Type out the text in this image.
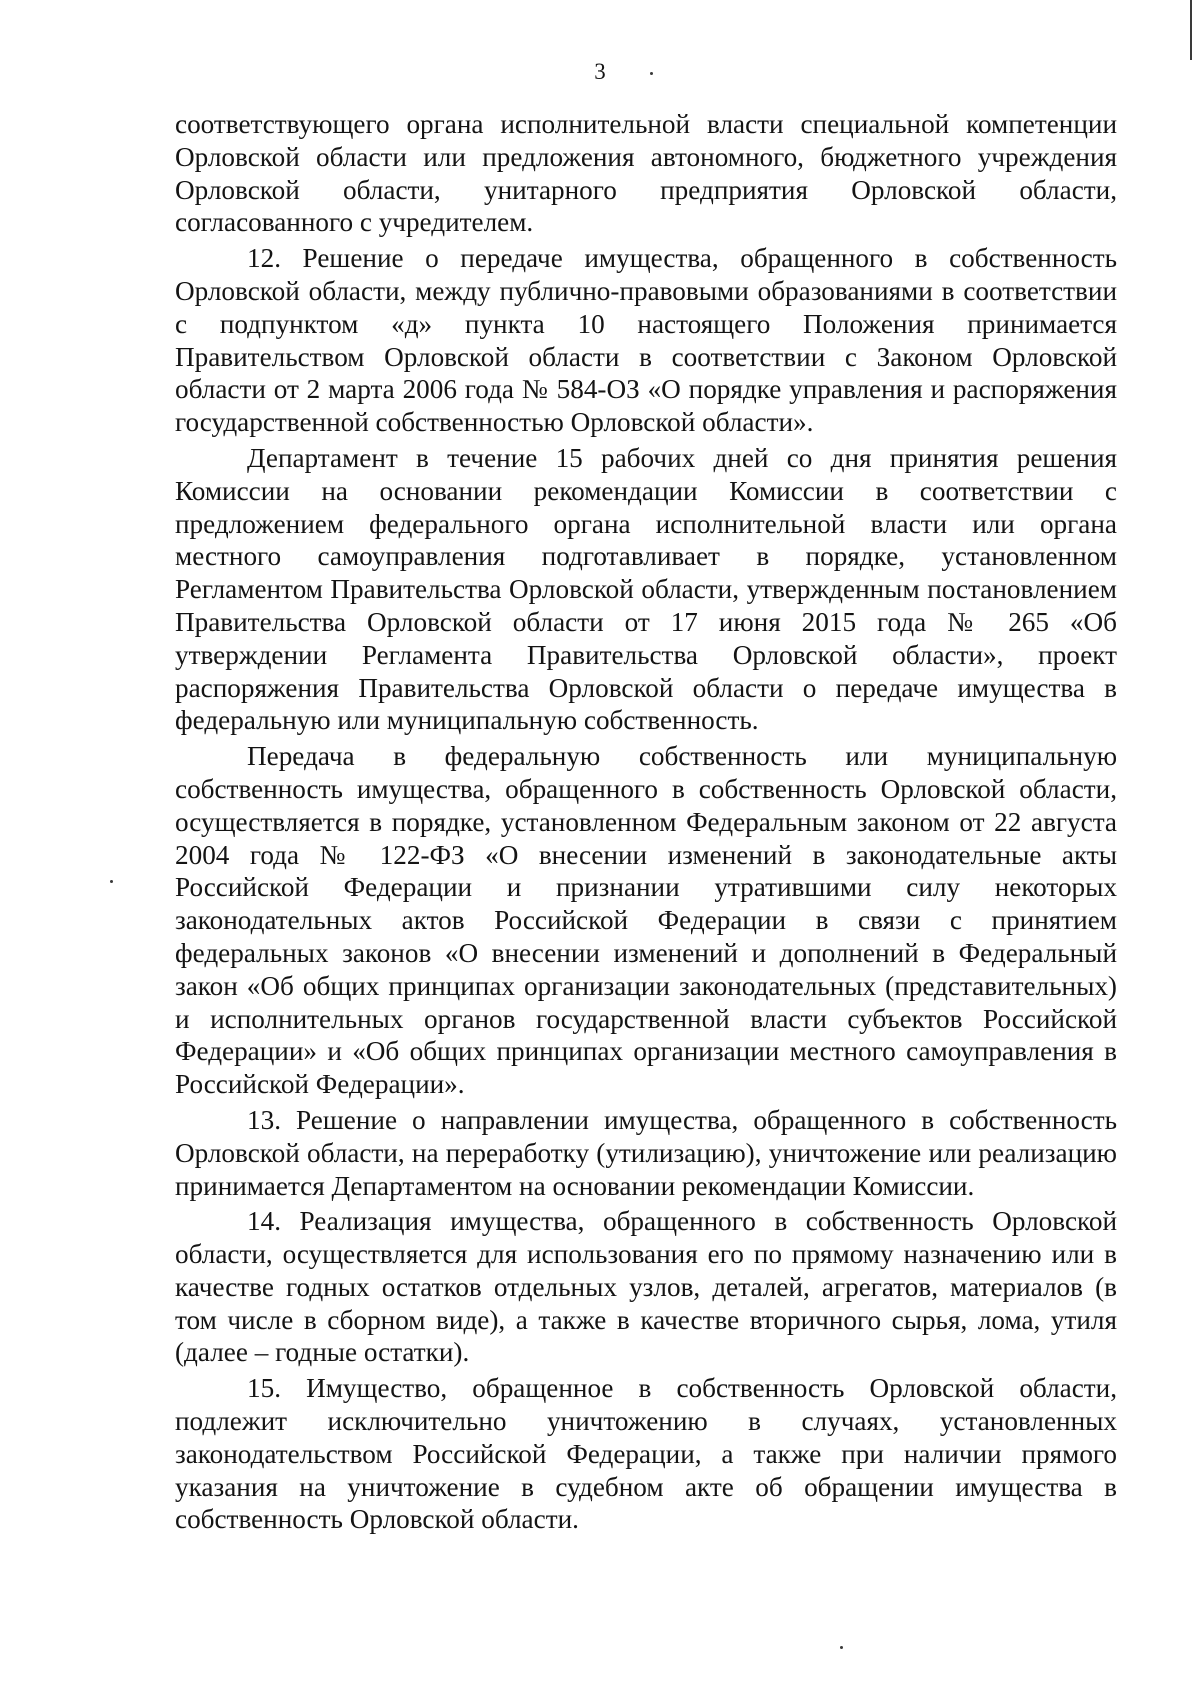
3

соответствующего органа исполнительной власти специальной компетенции Орловской области или предложения автономного, бюджетного учреждения Орловской области, унитарного предприятия Орловской области, согласованного с учредителем.

12. Решение о передаче имущества, обращенного в собственность Орловской области, между публично-правовыми образованиями в соответствии с подпунктом «д» пункта 10 настоящего Положения принимается Правительством Орловской области в соответствии с Законом Орловской области от 2 марта 2006 года № 584-ОЗ «О порядке управления и распоряжения государственной собственностью Орловской области».

Департамент в течение 15 рабочих дней со дня принятия решения Комиссии на основании рекомендации Комиссии в соответствии с предложением федерального органа исполнительной власти или органа местного самоуправления подготавливает в порядке, установленном Регламентом Правительства Орловской области, утвержденным постановлением Правительства Орловской области от 17 июня 2015 года № 265 «Об утверждении Регламента Правительства Орловской области», проект распоряжения Правительства Орловской области о передаче имущества в федеральную или муниципальную собственность.

Передача в федеральную собственность или муниципальную собственность имущества, обращенного в собственность Орловской области, осуществляется в порядке, установленном Федеральным законом от 22 августа 2004 года № 122-ФЗ «О внесении изменений в законодательные акты Российской Федерации и признании утратившими силу некоторых законодательных актов Российской Федерации в связи с принятием федеральных законов «О внесении изменений и дополнений в Федеральный закон «Об общих принципах организации законодательных (представительных) и исполнительных органов государственной власти субъектов Российской Федерации» и «Об общих принципах организации местного самоуправления в Российской Федерации».

13. Решение о направлении имущества, обращенного в собственность Орловской области, на переработку (утилизацию), уничтожение или реализацию принимается Департаментом на основании рекомендации Комиссии.

14. Реализация имущества, обращенного в собственность Орловской области, осуществляется для использования его по прямому назначению или в качестве годных остатков отдельных узлов, деталей, агрегатов, материалов (в том числе в сборном виде), а также в качестве вторичного сырья, лома, утиля (далее – годные остатки).

15. Имущество, обращенное в собственность Орловской области, подлежит исключительно уничтожению в случаях, установленных законодательством Российской Федерации, а также при наличии прямого указания на уничтожение в судебном акте об обращении имущества в собственность Орловской области.
